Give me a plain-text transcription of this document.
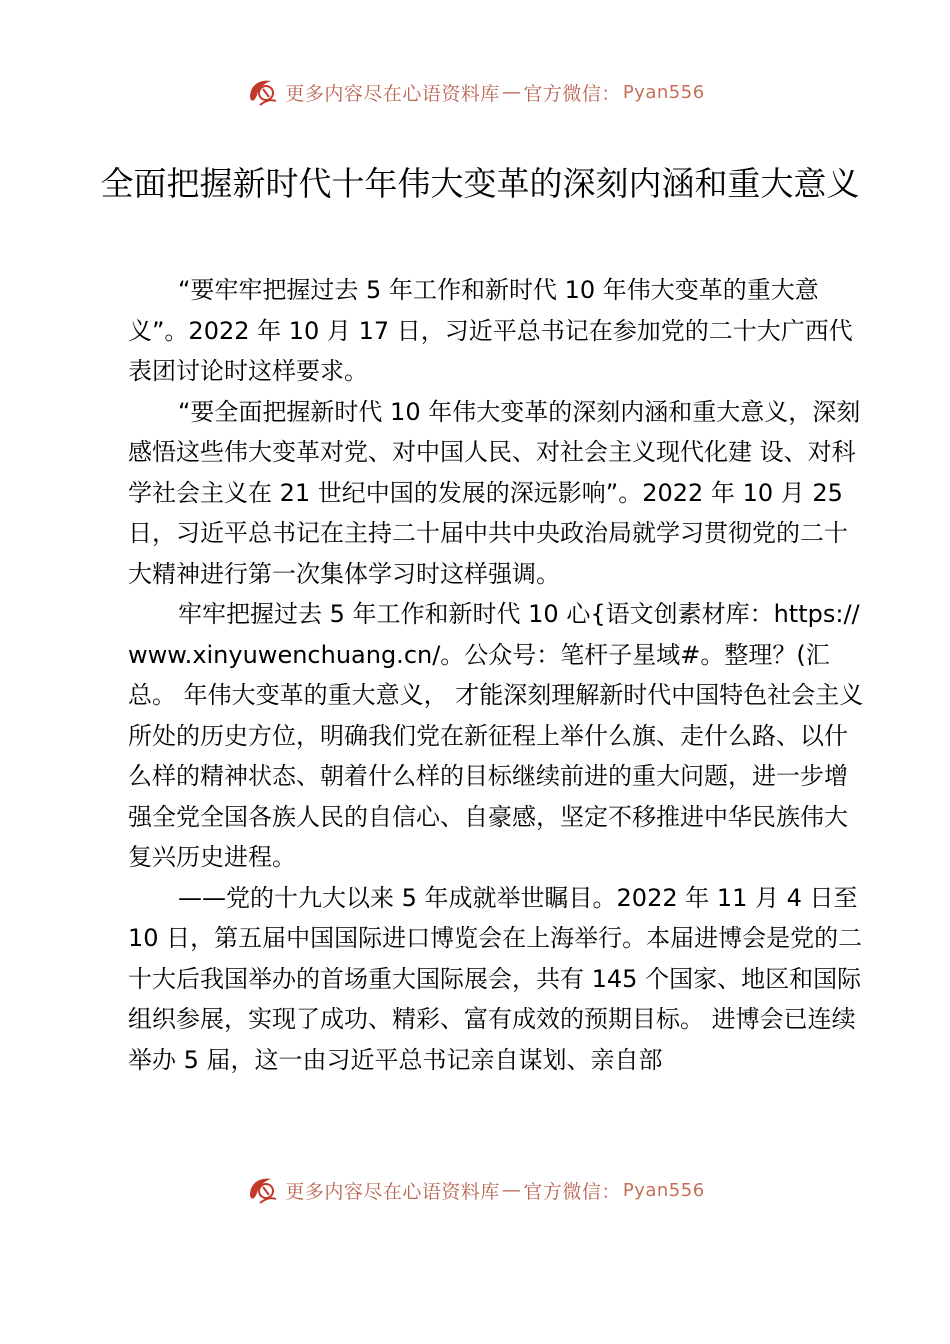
更多内容尽在心语资料库 — 官方微信： Pyan556
全面把握新时代十年伟大变革的深刻内涵和重大意义

“要牢牢把握过去 5 年工作和新时代 10 年伟大变革的重大意义”。2022 年 10 月 17 日，习近平总书记在参加党的二十大广西代表团讨论时这样要求。

“要全面把握新时代 10 年伟大变革的深刻内涵和重大意义，深刻感悟这些伟大变革对党、对中国人民、对社会主义现代化建 设、对科学社会主义在 21 世纪中国的发展的深远影响”。2022 年 10 月 25 日，习近平总书记在主持二十届中共中央政治局就学习贯彻党的二十大精神进行第一次集体学习时这样强调。

牢牢把握过去 5 年工作和新时代 10 心{语文创素材库：https://www.xinyuwenchuang.cn/。公众号：笔杆子星域#。整理？(汇总。 年伟大变革的重大意义， 才能深刻理解新时代中国特色社会主义所处的历史方位，明确我们党在新征程上举什么旗、走什么路、以什么样的精神状态、朝着什么样的目标继续前进的重大问题，进一步增强全党全国各族人民的自信心、自豪感，坚定不移推进中华民族伟大复兴历史进程。

——党的十九大以来 5 年成就举世瞩目。2022 年 11 月 4 日至 10 日，第五届中国国际进口博览会在上海举行。本届进博会是党的二十大后我国举办的首场重大国际展会，共有 145 个国家、地区和国际组织参展，实现了成功、精彩、富有成效的预期目标。 进博会已连续举办 5 届，这一由习近平总书记亲自谋划、亲自部

更多内容尽在心语资料库 — 官方微信： Pyan556
